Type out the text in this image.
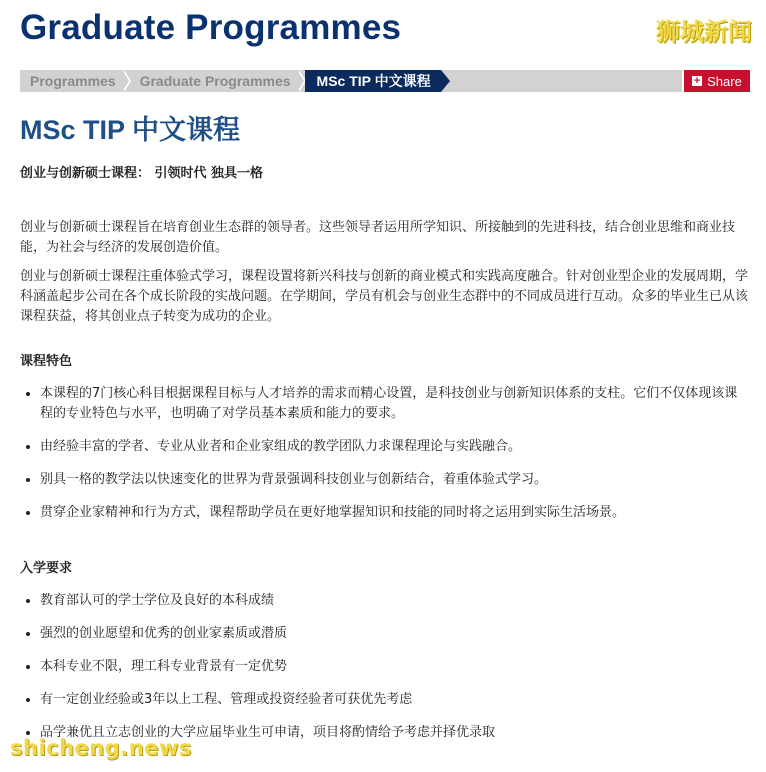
Graduate Programmes	狮城新闻
Programmes	Graduate Programmes	MSc TIP 中文课程	+ Share
MSc TIP 中文课程

创业与创新硕士课程： 引领时代 独具一格

创业与创新硕士课程旨在培育创业生态群的领导者。这些领导者运用所学知识、所接触到的先进科技，结合创业思维和商业技能，为社会与经济的发展创造价值。

创业与创新硕士课程注重体验式学习，课程设置将新兴科技与创新的商业模式和实践高度融合。针对创业型企业的发展周期，学科涵盖起步公司在各个成长阶段的实战问题。在学期间，学员有机会与创业生态群中的不同成员进行互动。众多的毕业生已从该课程获益，将其创业点子转变为成功的企业。

课程特色

• 本课程的7门核心科目根据课程目标与人才培养的需求而精心设置，是科技创业与创新知识体系的支柱。它们不仅体现该课程的专业特色与水平，也明确了对学员基本素质和能力的要求。
• 由经验丰富的学者、专业从业者和企业家组成的教学团队力求课程理论与实践融合。
• 别具一格的教学法以快速变化的世界为背景强调科技创业与创新结合，着重体验式学习。
• 贯穿企业家精神和行为方式，课程帮助学员在更好地掌握知识和技能的同时将之运用到实际生活场景。

入学要求

• 教育部认可的学士学位及良好的本科成绩
• 强烈的创业愿望和优秀的创业家素质或潜质
• 本科专业不限，理工科专业背景有一定优势
• 有一定创业经验或3年以上工程、管理或投资经验者可获优先考虑
• 品学兼优且立志创业的大学应届毕业生可申请，项目将酌情给予考虑并择优录取
shicheng.news
